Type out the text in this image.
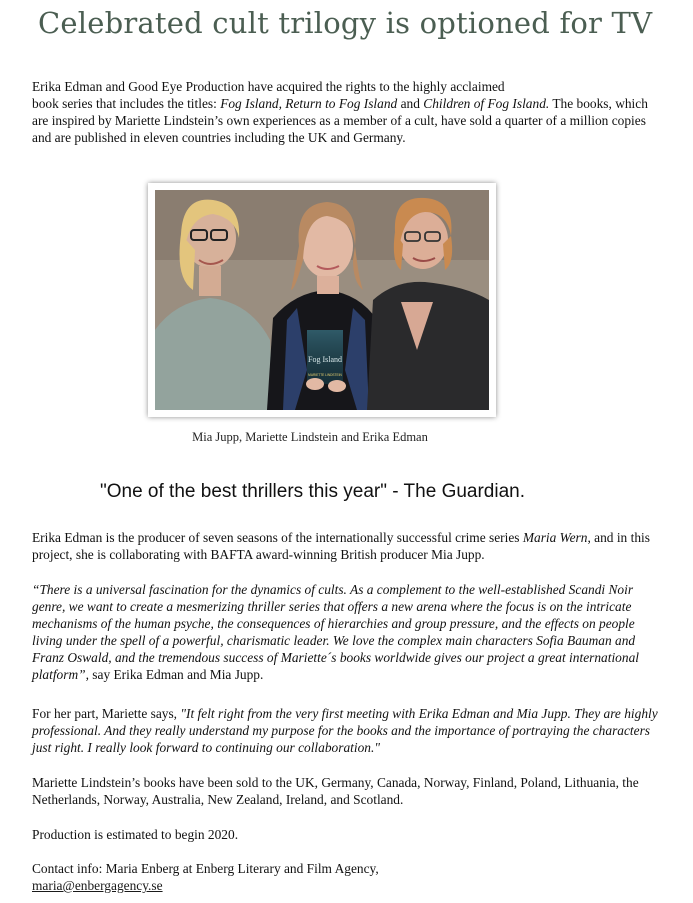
Celebrated cult trilogy is optioned for TV

Erika Edman and Good Eye Production have acquired the rights to the highly acclaimed
book series that includes the titles: Fog Island, Return to Fog Island and Children of Fog Island. The books, which are inspired by Mariette Lindstein’s own experiences as a member of a cult, have sold a quarter of a million copies and are published in eleven countries including the UK and Germany.

Fog Island
MARIETTE LINDSTEIN
Mia Jupp, Mariette Lindstein and Erika Edman
"One of the best thrillers this year" - The Guardian.

Erika Edman is the producer of seven seasons of the internationally successful crime series Maria Wern, and in this project, she is collaborating with BAFTA award-winning British producer Mia Jupp.

“There is a universal fascination for the dynamics of cults. As a complement to the well-established Scandi Noir genre, we want to create a mesmerizing thriller series that offers a new arena where the focus is on the intricate mechanisms of the human psyche, the consequences of hierarchies and group pressure, and the effects on people living under the spell of a powerful, charismatic leader. We love the complex main characters Sofia Bauman and Franz Oswald, and the tremendous success of Mariette´s books worldwide gives our project a great international platform”, say Erika Edman and Mia Jupp.

For her part, Mariette says, "It felt right from the very first meeting with Erika Edman and Mia Jupp. They are highly professional. And they really understand my purpose for the books and the importance of portraying the characters just right. I really look forward to continuing our collaboration."

Mariette Lindstein’s books have been sold to the UK, Germany, Canada, Norway, Finland, Poland, Lithuania, the Netherlands, Norway, Australia, New Zealand, Ireland, and Scotland.

Production is estimated to begin 2020.

Contact info: Maria Enberg at Enberg Literary and Film Agency,
maria@enbergagency.se
